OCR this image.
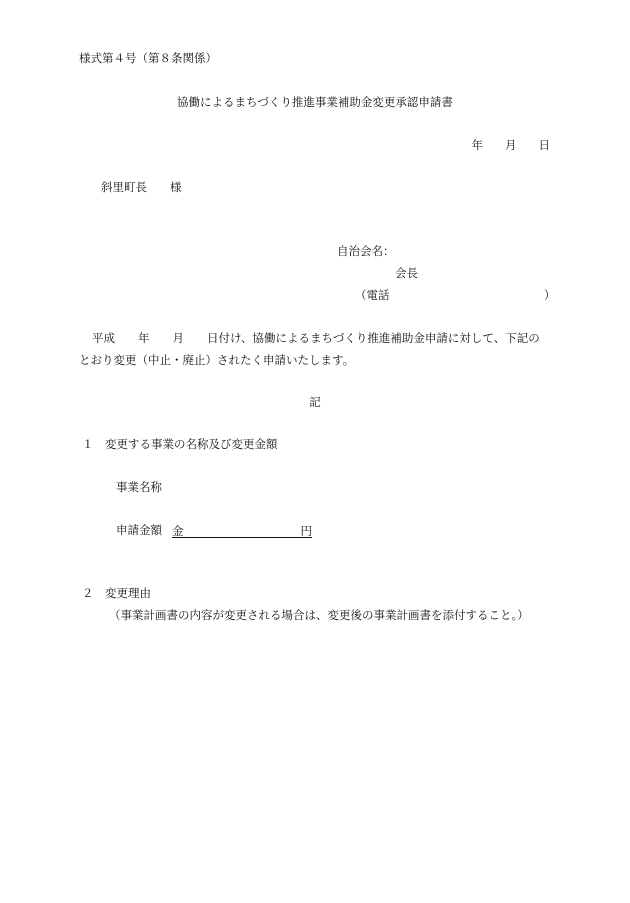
様式第４号（第８条関係）
協働によるまちづくり推進事業補助金変更承認申請書
年 月 日
斜里町長　　様
自治会名：
会長
（電話	）
平成　　年　　月　　日付け、協働によるまちづくり推進補助金申請に対して、下記の
とおり変更（中止・廃止）されたく申請いたします。
記
１　変更する事業の名称及び変更金額
事業名称
申請金額 金	円
２　変更理由
（事業計画書の内容が変更される場合は、変更後の事業計画書を添付すること。）
